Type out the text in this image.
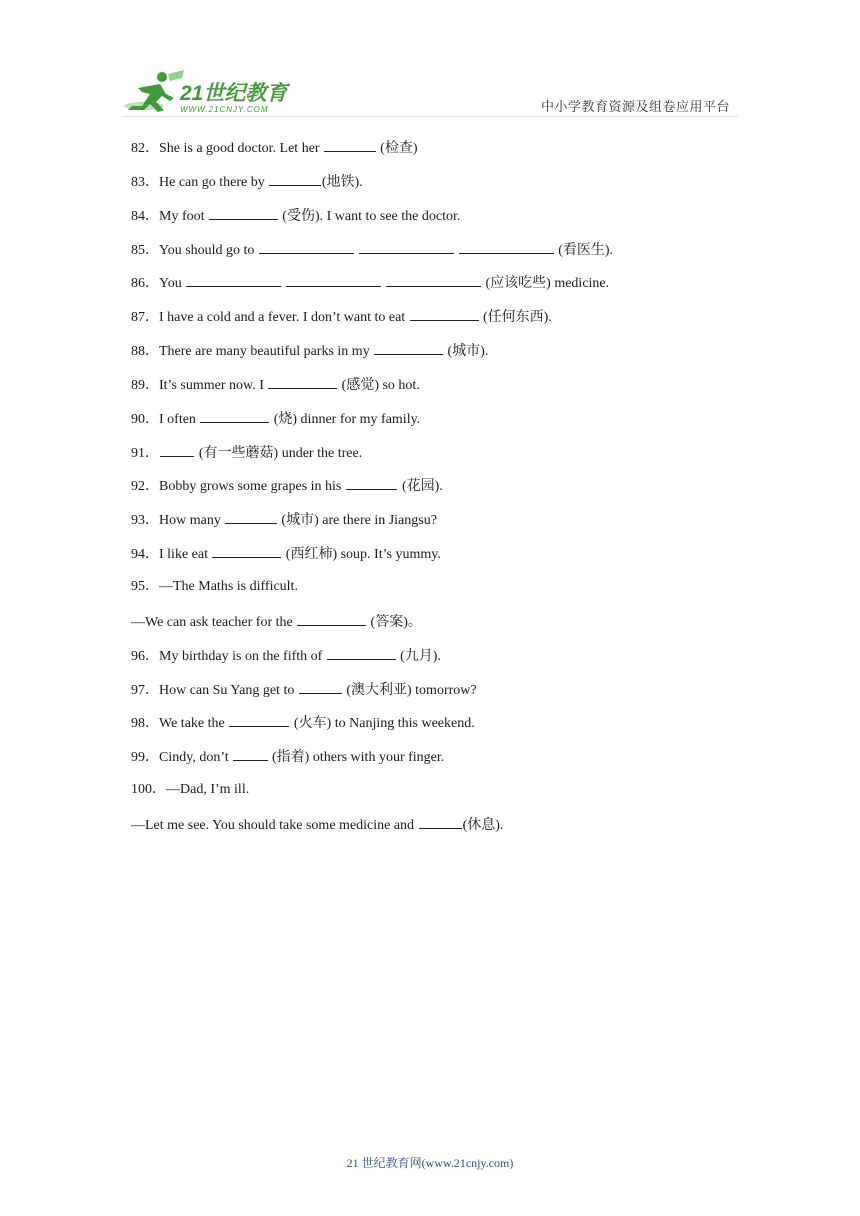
21世纪教育
WWW.21CNJY.COM	中小学教育资源及组卷应用平台
82．She is a good doctor. Let her	(检查)
83．He can go there by	(地铁).
84．My foot	(受伤). I want to see the doctor.
85．You should go to	(看医生).
86．You	(应该吃些) medicine.
87．I have a cold and a fever. I don’t want to eat	(任何东西).
88．There are many beautiful parks in my	(城市).
89．It’s summer now. I	(感觉) so hot.
90．I often	(烧) dinner for my family.
91．	(有一些蘑菇) under the tree.
92．Bobby grows some grapes in his	(花园).
93．How many	(城市) are there in Jiangsu?
94．I like eat	(西红柿) soup. It’s yummy.
95．—The Maths is difficult.
—We can ask teacher for the	(答案)。
96．My birthday is on the fifth of	(九月).
97．How can Su Yang get to	(澳大利亚) tomorrow?
98．We take the	(火车) to Nanjing this weekend.
99．Cindy, don’t	(指着) others with your finger.
100．—Dad, I’m ill.
—Let me see. You should take some medicine and	(休息).
21 世纪教育网(www.21cnjy.com)
